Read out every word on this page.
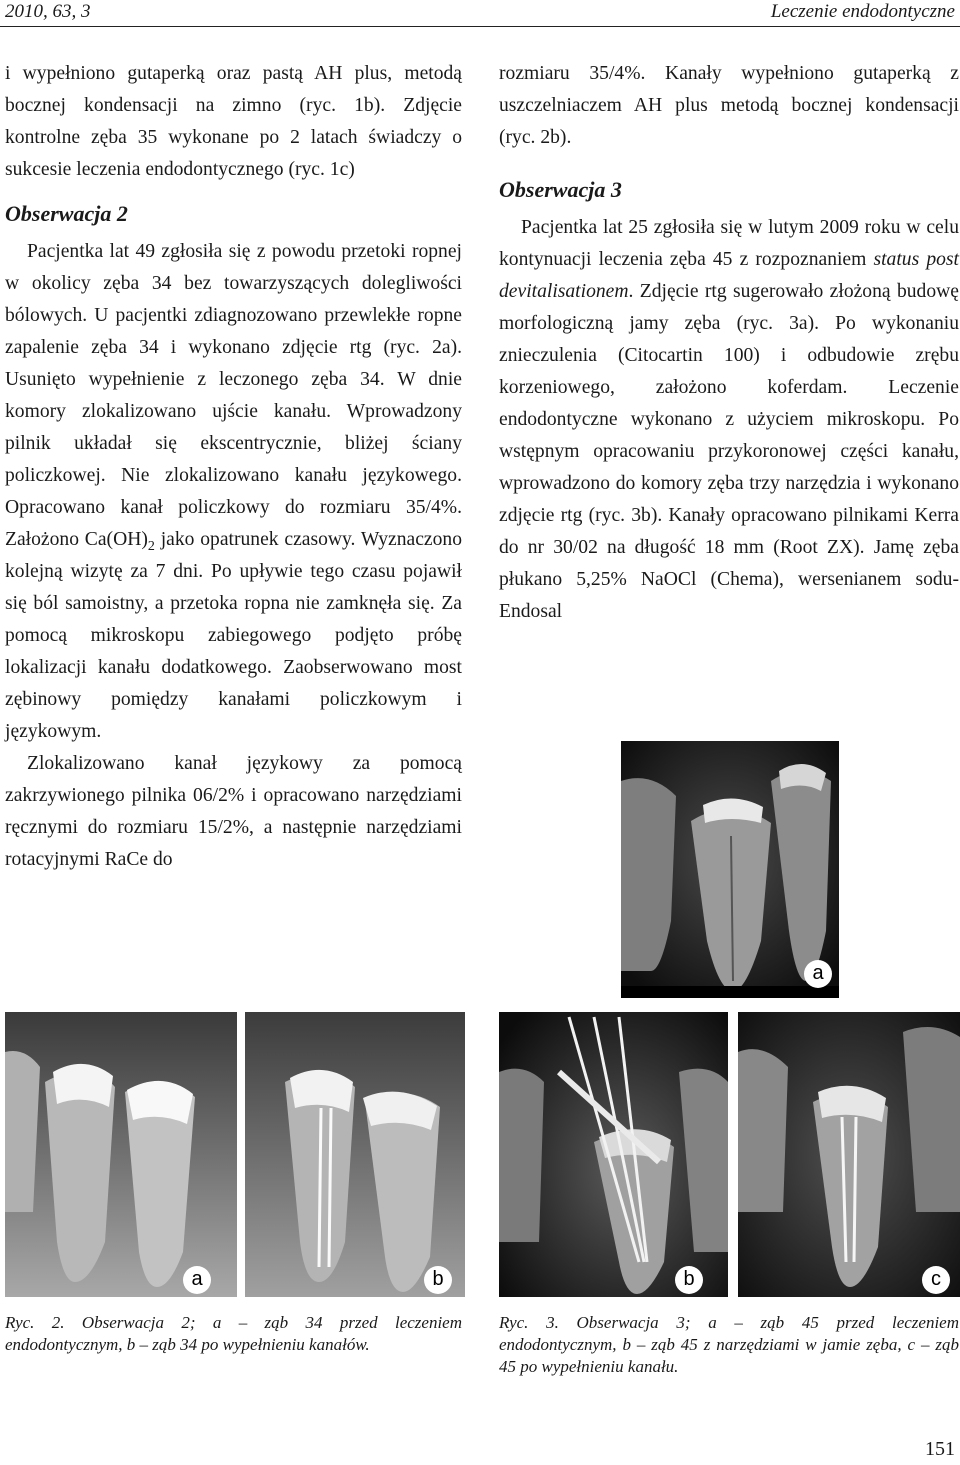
2010, 63, 3	Leczenie endodontyczne

i wypełniono gutaperką oraz pastą AH plus, metodą bocznej kondensacji na zimno (ryc. 1b). Zdjęcie kontrolne zęba 35 wykonane po 2 latach świadczy o sukcesie leczenia endodontycznego (ryc. 1c)

Obserwacja 2

Pacjentka lat 49 zgłosiła się z powodu przetoki ropnej w okolicy zęba 34 bez towarzyszących dolegliwości bólowych. U pacjentki zdiagnozowano przewlekłe ropne zapalenie zęba 34 i wykonano zdjęcie rtg (ryc. 2a). Usunięto wypełnienie z leczonego zęba 34. W dnie komory zlokalizowano ujście kanału. Wprowadzony pilnik układał się ekscentrycznie, bliżej ściany policzkowej. Nie zlokalizowano kanału językowego. Opracowano kanał policzkowy do rozmiaru 35/4%. Założono $Ca(OH)_2$ jako opatrunek czasowy. Wyznaczono kolejną wizytę za 7 dni. Po upływie tego czasu pojawił się ból samoistny, a przetoka ropna nie zamknęła się. Za pomocą mikroskopu zabiegowego podjęto próbę lokalizacji kanału dodatkowego. Zaobserwowano most zębinowy pomiędzy kanałami policzkowym i językowym.

Zlokalizowano kanał językowy za pomocą zakrzywionego pilnika 06/2% i opracowano narzędziami ręcznymi do rozmiaru 15/2%, a następnie narzędziami rotacyjnymi RaCe do

rozmiaru 35/4%. Kanały wypełniono gutaperką z uszczelniaczem AH plus metodą bocznej kondensacji (ryc. 2b).

Obserwacja 3

Pacjentka lat 25 zgłosiła się w lutym 2009 roku w celu kontynuacji leczenia zęba 45 z rozpoznaniem status post devitalisationem. Zdjęcie rtg sugerowało złożoną budowę morfologiczną jamy zęba (ryc. 3a). Po wykonaniu znieczulenia (Citocartin 100) i odbudowie zrębu korzeniowego, założono koferdam. Leczenie endodontyczne wykonano z użyciem mikroskopu. Po wstępnym opracowaniu przykoronowej części kanału, wprowadzono do komory zęba trzy narzędzia i wykonano zdjęcie rtg (ryc. 3b). Kanały opracowano pilnikami Kerra do nr 30/02 na długość 18 mm (Root ZX). Jamę zęba płukano 5,25% NaOCl (Chema), wersenianem sodu-Endosal

a
a	b	b	c
Ryc. 2. Obserwacja 2; a – ząb 34 przed leczeniem endodontycznym, b – ząb 34 po wypełnieniu kanałów.
Ryc. 3. Obserwacja 3; a – ząb 45 przed leczeniem endodontycznym, b – ząb 45 z narzędziami w jamie zęba, c – ząb 45 po wypełnieniu kanału.
151
